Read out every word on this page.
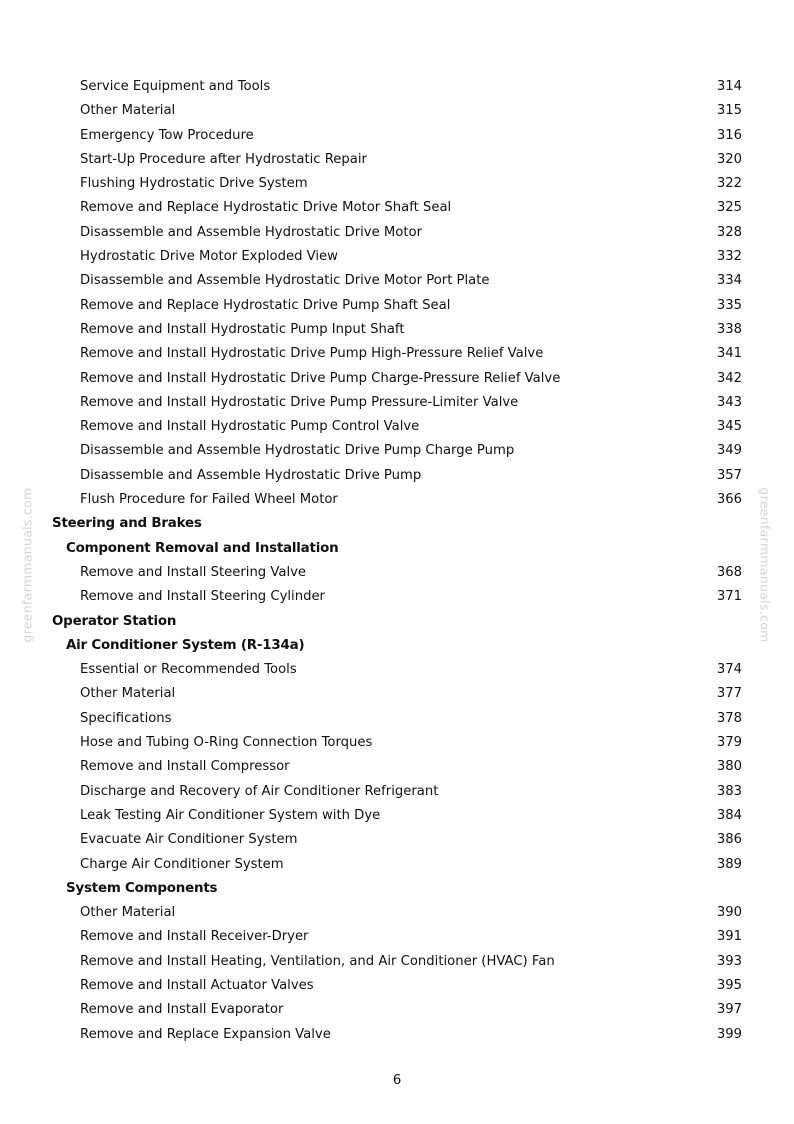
greenfarmmanuals.com	greenfarmmanuals.com
Service Equipment and Tools	314
Other Material	315
Emergency Tow Procedure	316
Start-Up Procedure after Hydrostatic Repair	320
Flushing Hydrostatic Drive System	322
Remove and Replace Hydrostatic Drive Motor Shaft Seal	325
Disassemble and Assemble Hydrostatic Drive Motor	328
Hydrostatic Drive Motor Exploded View	332
Disassemble and Assemble Hydrostatic Drive Motor Port Plate	334
Remove and Replace Hydrostatic Drive Pump Shaft Seal	335
Remove and Install Hydrostatic Pump Input Shaft	338
Remove and Install Hydrostatic Drive Pump High-Pressure Relief Valve	341
Remove and Install Hydrostatic Drive Pump Charge-Pressure Relief Valve	342
Remove and Install Hydrostatic Drive Pump Pressure-Limiter Valve	343
Remove and Install Hydrostatic Pump Control Valve	345
Disassemble and Assemble Hydrostatic Drive Pump Charge Pump	349
Disassemble and Assemble Hydrostatic Drive Pump	357
Flush Procedure for Failed Wheel Motor	366
Steering and Brakes
Component Removal and Installation
Remove and Install Steering Valve	368
Remove and Install Steering Cylinder	371
Operator Station
Air Conditioner System (R-134a)
Essential or Recommended Tools	374
Other Material	377
Specifications	378
Hose and Tubing O-Ring Connection Torques	379
Remove and Install Compressor	380
Discharge and Recovery of Air Conditioner Refrigerant	383
Leak Testing Air Conditioner System with Dye	384
Evacuate Air Conditioner System	386
Charge Air Conditioner System	389
System Components
Other Material	390
Remove and Install Receiver-Dryer	391
Remove and Install Heating, Ventilation, and Air Conditioner (HVAC) Fan	393
Remove and Install Actuator Valves	395
Remove and Install Evaporator	397
Remove and Replace Expansion Valve	399
6
